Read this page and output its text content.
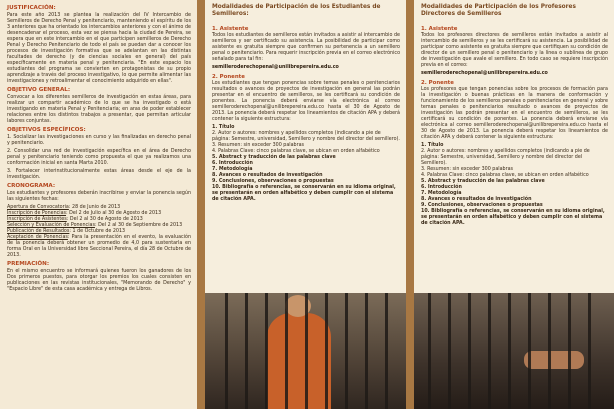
JUSTIFICACIÓN:

Para este año 2013 se plantea la realización del IV Intercambio de Semilleros de Derecho Penal y penitenciario, manteniendo el espíritu de los 3 anteriores que ha orientado los intercambios anteriores y con el ánimo de desencadenar el proceso, esta vez se piensa hacia la ciudad de Pereira, se espera que en este intercambio en el que participen semilleros de Derecho Penal y Derecho Penitenciario de todo el país se puedan dar a conocer los procesos de investigación formativa que se adelantan en las distintas facultades de derecho (y de ciencias sociales en general) del país específicamente en materia penal y penitenciaria. "En este espacio los estudiantes del programa se convierten en protagonistas de su propio aprendizaje a través del proceso investigativo, lo que permite alimentar las investigaciones y retroalimentar el conocimiento adquirido en ellas".

OBJETIVO GENERAL:

Convocar a los diferentes semilleros de investigación en estas áreas, para realizar un compartir académico de lo que se ha investigado o está investigando en materia Penal y Penitenciaria; en aras de poder establecer relaciones entre los distintos trabajos a presentar, que permitan articular labores conjuntas.

OBJETIVOS ESPECÍFICOS:

1. Socializar las investigaciones en curso y las finalizadas en derecho penal y penitenciario.

2. Consolidar una red de investigación específica en el área de Derecho penal y penitenciario teniendo como propuesta el que ya realizamos una conformación inicial en santa Marta 2010.

3. Fortalecer interinstitucionalmente estas áreas desde el eje de la investigación.

CRONOGRAMA:

Los estudiantes y profesores deberán inscribirse y enviar la ponencia según las siguientes fechas:

Apertura de Convocatoria: 28 de Junio de 2013
Inscripción de Ponencias: Del 2 de Julio al 30 de Agosto de 2013
Inscripción de Asistentes: Del 2 al 30 de Agosto de 2013
Selección y Evaluación de Ponencias: Del 2 al 30 de Septiembre de 2013
Publicación de Resultados: 1 de Octubre de 2013
Aceptación de Ponencias: Para la presentación en el evento, la evaluación de la ponencia deberá obtener un promedio de 4,0 para sustentarla en forma Oral en la Universidad libre Seccional Pereira, el día 28 de Octubre de 2013.
PREMIACIÓN:

En el mismo encuentro se informará quienes fueron los ganadores de los Dos primeros puestos, para otorgar los premios los cuales consisten en publicaciones en las revistas institucionales, "Memorando de Derecho" y "Espacio Libre" de esta casa académica y entrega de Libros.

Modalidades de Participación de los Estudiantes de Semilleros:
1. Asistente

Todos los estudiantes de semilleros están invitados a asistir al intercambio de semilleros y ser certificado su asistencia. La posibilidad de participar como asistente es gratuita siempre que confirmen su pertenencia a un semillero penal o penitenciario. Para requerir inscripción previa en el correo electrónico señalado para tal fin:

semilleroderechopenal@unilibrepereira.edu.co

2. Ponente

Los estudiantes que tengan ponencias sobre temas penales o penitenciarios resultados o avances de proyectos de investigación en general las podrán presentar en el encuentro de semilleros, se les certificará su condición de ponentes. La ponencia deberá enviarse vía electrónica al correo semilleroderechopenal@unilibrepereira.edu.co hasta el 30 de Agosto de 2013. La ponencia deberá respetar los lineamientos de citación APA y deberá contener la siguiente estructura:

1. Título
2. Autor o autores: nombres y apellidos completos (indicando a pie de página: Semestre, universidad, Semillero y nombre del director del semillero).
3. Resumen: sin exceder 300 palabras
4. Palabras Clave: cinco palabras clave, se ubican en orden alfabético
5. Abstract y traducción de las palabras clave
6. Introducción
7. Metodología
8. Avances o resultados de investigación
9. Conclusiones, observaciones o propuestas
10. Bibliografía o referencias, se conservarán en su idioma original, se presentarán en orden alfabético y deben cumplir con el sistema de citación APA.
Modalidades de Participación de los Profesores Directores de Semilleros
1. Asistente

Todos los profesores directores de semilleros están invitados a asistir al intercambio de semilleros y se les certificará su asistencia. La posibilidad de participar como asistente es gratuita siempre que certifiquen su condición de director de un semillero penal o penitenciario y la línea o sublínea de grupo de investigación que avale el semillero. En todo caso se requiere inscripción previa en el correo:

semilleroderechopenal@unilibrepereira.edu.co

2. Ponente

Los profesores que tengan ponencias sobre los procesos de formación para la investigación o buenas prácticas en la manera de conformación y funcionamiento de los semilleros penales o penitenciarios en general y sobre temas penales o penitenciarios resultado o avances de proyectos de investigación las podrán presentar en el encuentro de semilleros, se les certificará su condición de ponentes. La ponencia deberá enviarse vía electrónica al correo semilleroderechopenal@unilibrepereira.edu.co hasta el 30 de Agosto de 2013. La ponencia deberá respetar los lineamientos de citación APA y deberá contener la siguiente estructura:

1. Título
2. Autor o autores: nombres y apellidos completos (indicando a pie de página: Semestre, universidad, Semillero y nombre del director del Semillero).
3. Resumen: sin exceder 300 palabras
4. Palabras Clave: cinco palabras clave, se ubican en orden alfabético
5. Abstract y traducción de las palabras clave
6. Introducción
7. Metodología
8. Avances o resultados de investigación
9. Conclusiones, observaciones o propuestas
10. Bibliografía o referencias, se conservarán en su idioma original, se presentarán en orden alfabético y deben cumplir con el sistema de citación APA.
